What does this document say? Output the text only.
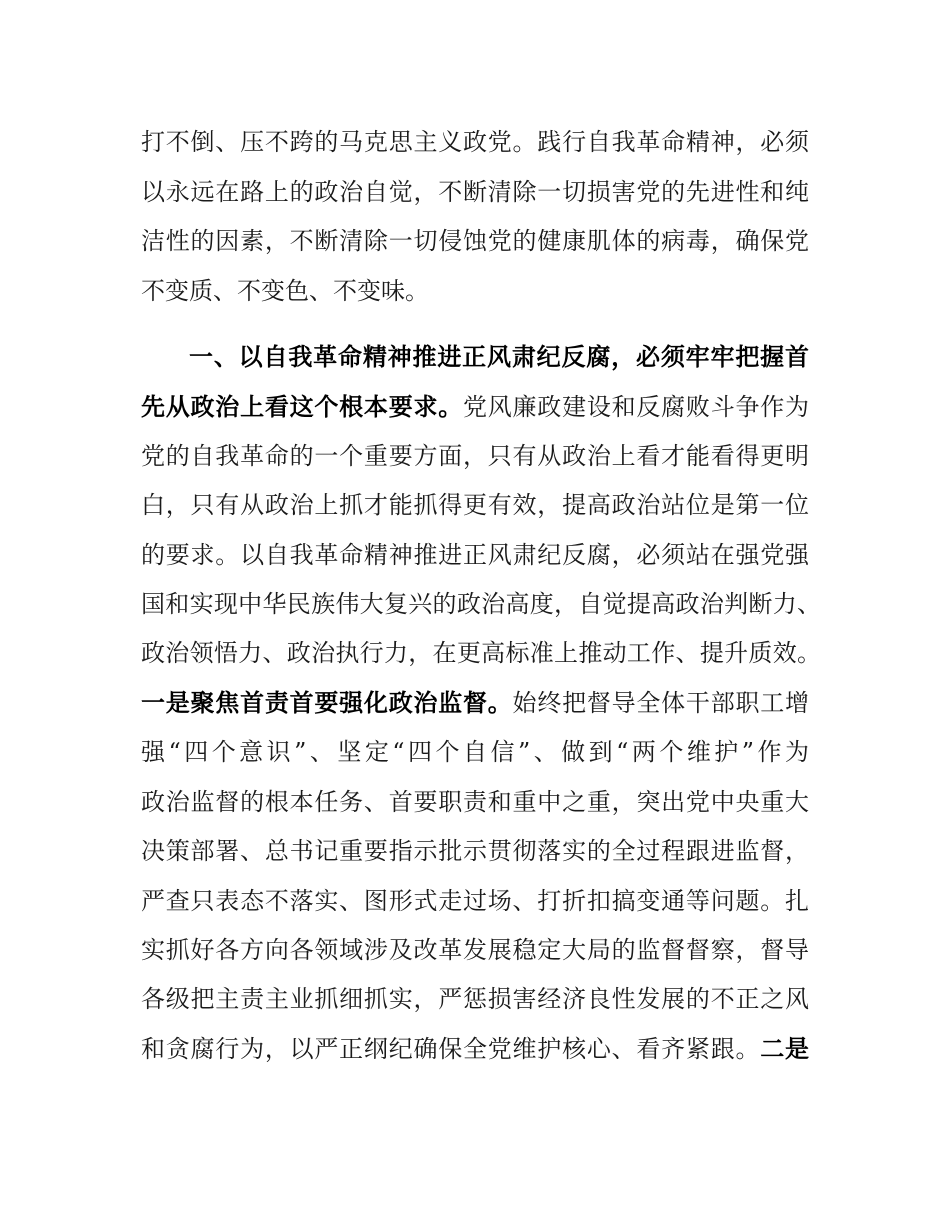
打不倒、压不跨的马克思主义政党。践行自我革命精神，必须
以永远在路上的政治自觉，不断清除一切损害党的先进性和纯
洁性的因素，不断清除一切侵蚀党的健康肌体的病毒，确保党
不变质、不变色、不变味。
一、以自我革命精神推进正风肃纪反腐，必须牢牢把握首
先从政治上看这个根本要求。党风廉政建设和反腐败斗争作为
党的自我革命的一个重要方面，只有从政治上看才能看得更明
白，只有从政治上抓才能抓得更有效，提高政治站位是第一位
的要求。以自我革命精神推进正风肃纪反腐，必须站在强党强
国和实现中华民族伟大复兴的政治高度，自觉提高政治判断力、
政治领悟力、政治执行力，在更高标准上推动工作、提升质效。
一是聚焦首责首要强化政治监督。始终把督导全体干部职工增
强“四个意识”、坚定“四个自信”、做到“两个维护”作为
政治监督的根本任务、首要职责和重中之重，突出党中央重大
决策部署、总书记重要指示批示贯彻落实的全过程跟进监督，
严查只表态不落实、图形式走过场、打折扣搞变通等问题。扎
实抓好各方向各领域涉及改革发展稳定大局的监督督察，督导
各级把主责主业抓细抓实，严惩损害经济良性发展的不正之风
和贪腐行为，以严正纲纪确保全党维护核心、看齐紧跟。二是
